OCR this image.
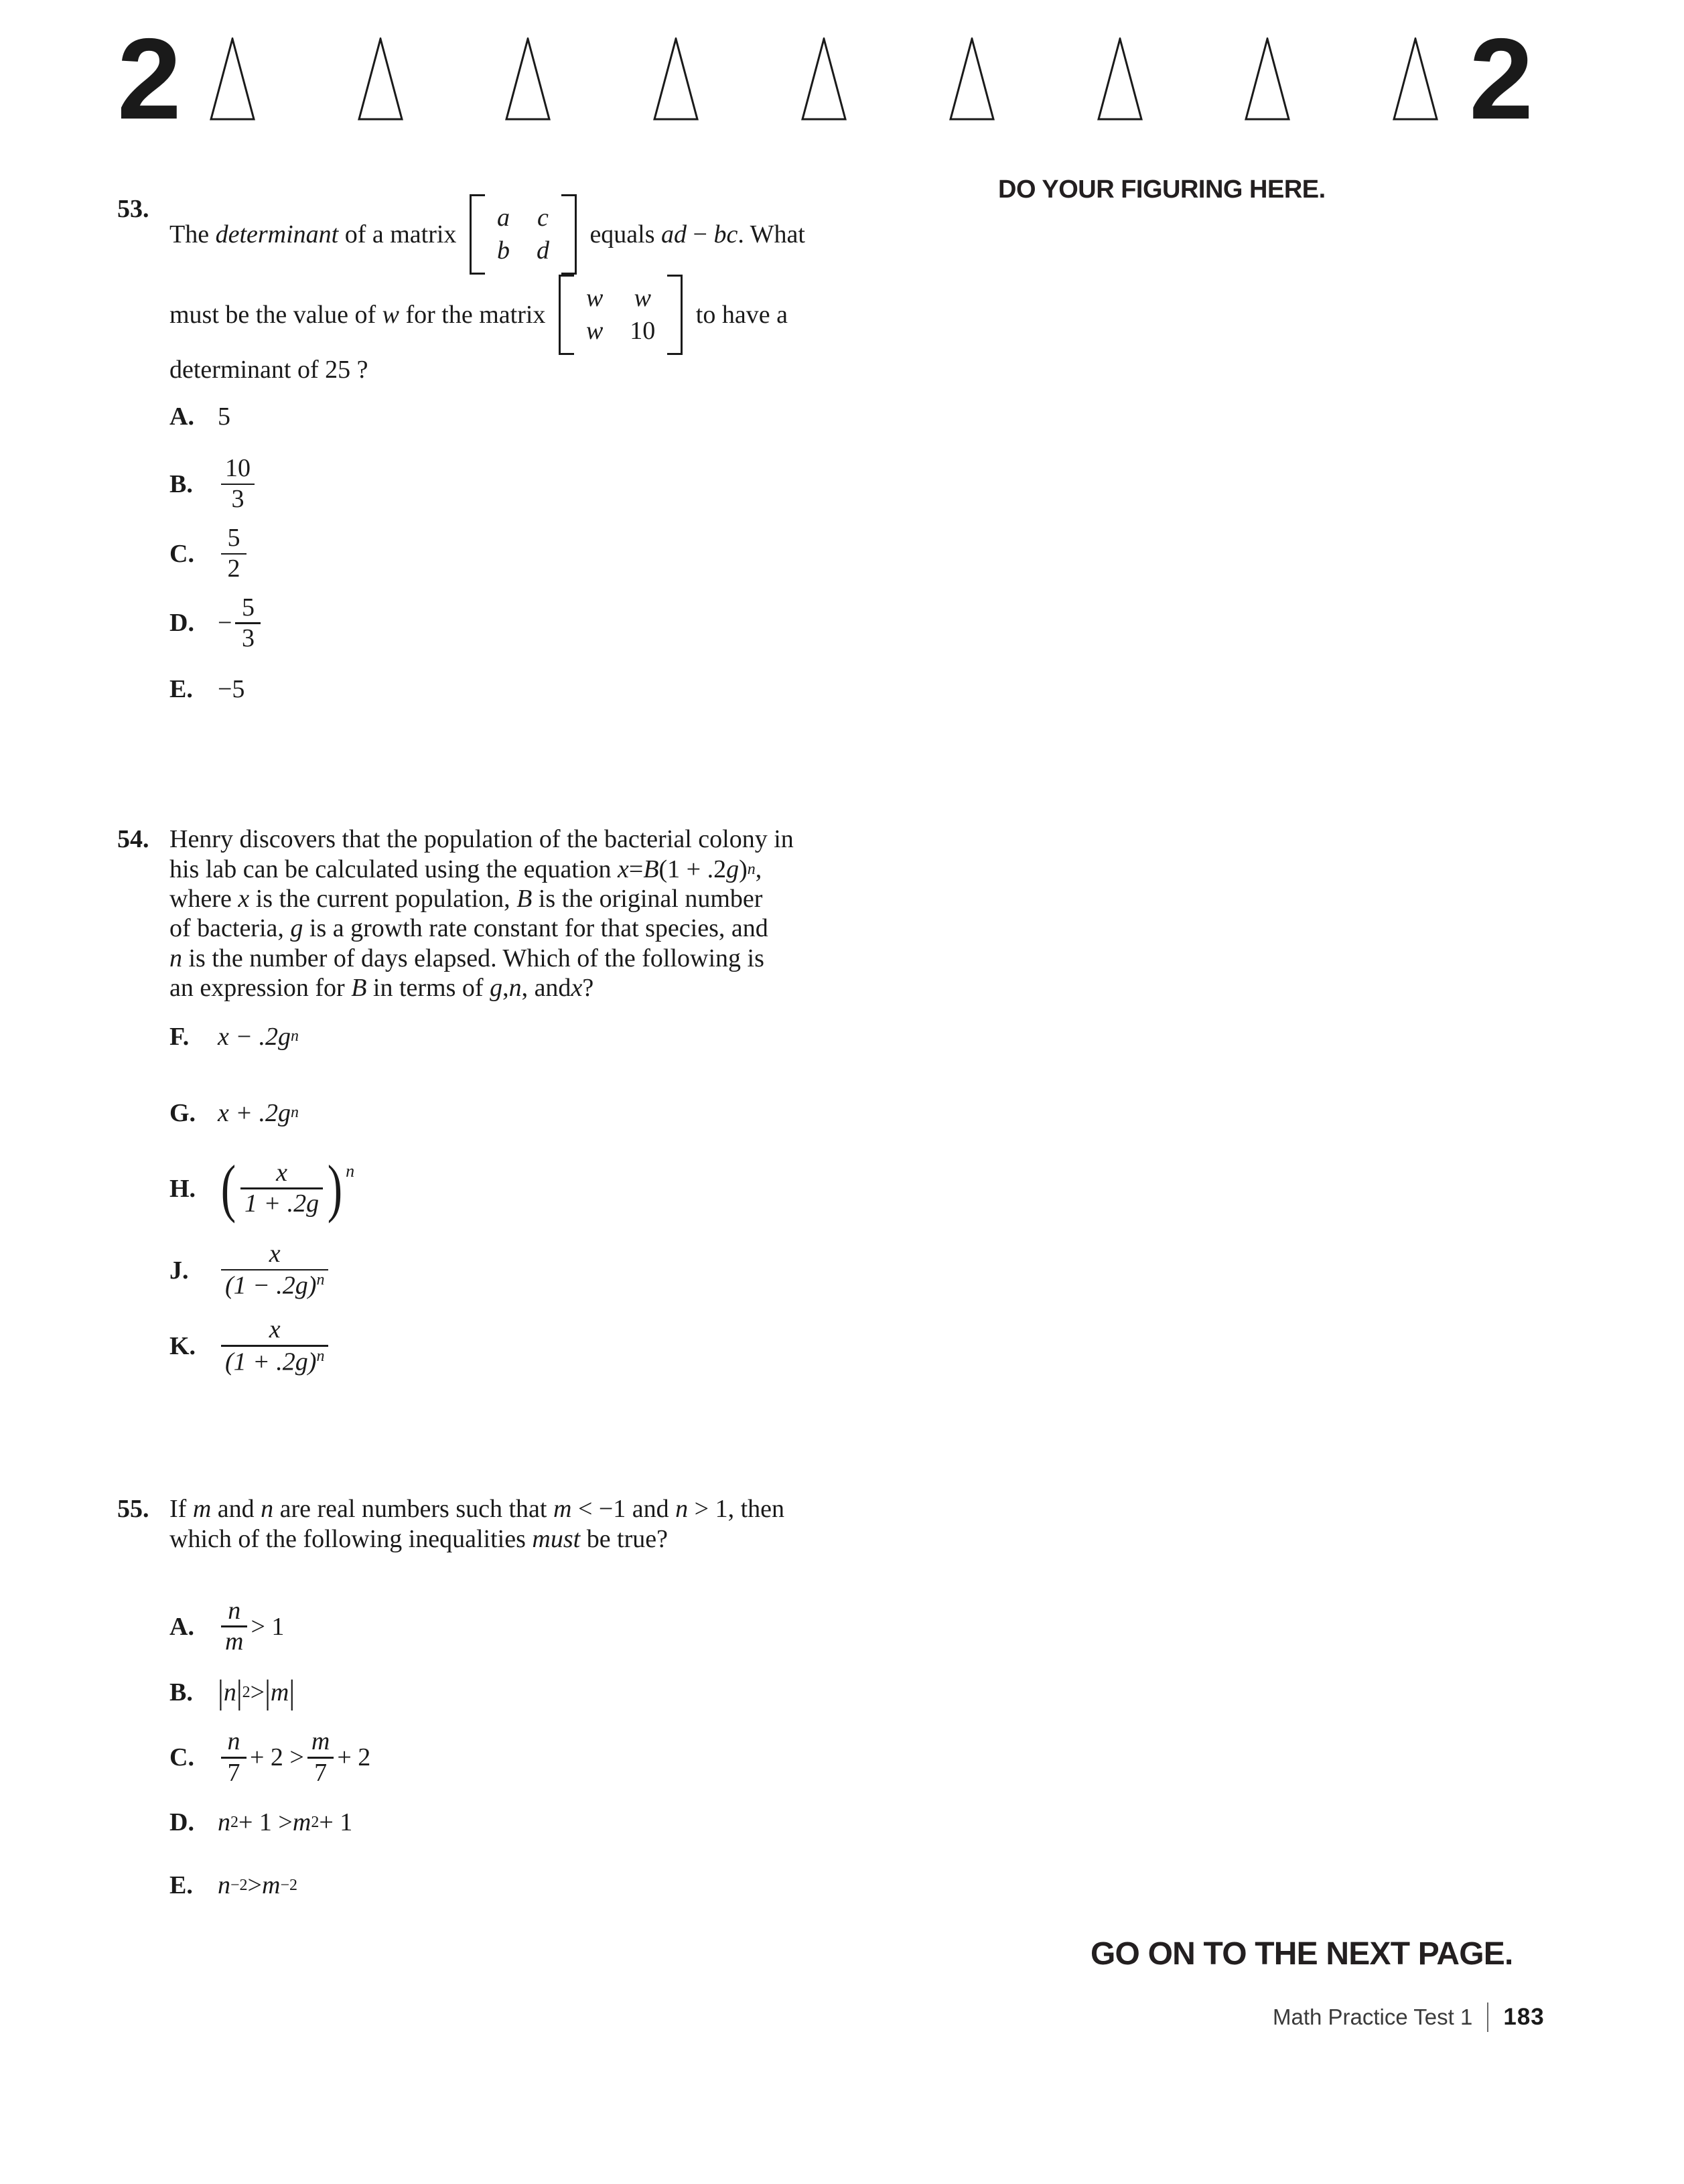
2	2
DO YOUR FIGURING HERE.
53.
The determinant of a matrix
a c
b d
equals ad − bc . What
must be the value of w for the matrix
w w
w 10
to have a
determinant of 25 ?
A. 5
B.	$\frac{10}{3}$
C.	$\frac{5}{2}$
D. − $\frac{5}{3}$
E. −5
54. Henry discovers that the population of the bacterial colony in
his lab can be calculated using the equation x = B (1 + .2 g ) n ,
where x is the current population, B is the original number
of bacteria, g is a growth rate constant for that species, and
n is the number of days elapsed. Which of the following is
an expression for B in terms of g , n , and x ?
F.	x − .2g n
G. x + .2g n
H. ( $\frac{x}{1 + .2g}$ ) n
J.	$\frac{x}{(1 - .2g)^n}$
K. $\frac{x}{(1 + .2g)^n}$
55. If m and n are real numbers such that m < −1 and n > 1, then
which of the following inequalities must be true?
A.	$\frac{n}{m} > 1$
B. | n | 2 > | m |
C.	$\frac{n}{7} + 2 > \frac{m}{7} + 2$
D. n 2 + 1 > m 2 + 1
E. n −2 > m −2
GO ON TO THE NEXT PAGE.
Math Practice Test 1 183
